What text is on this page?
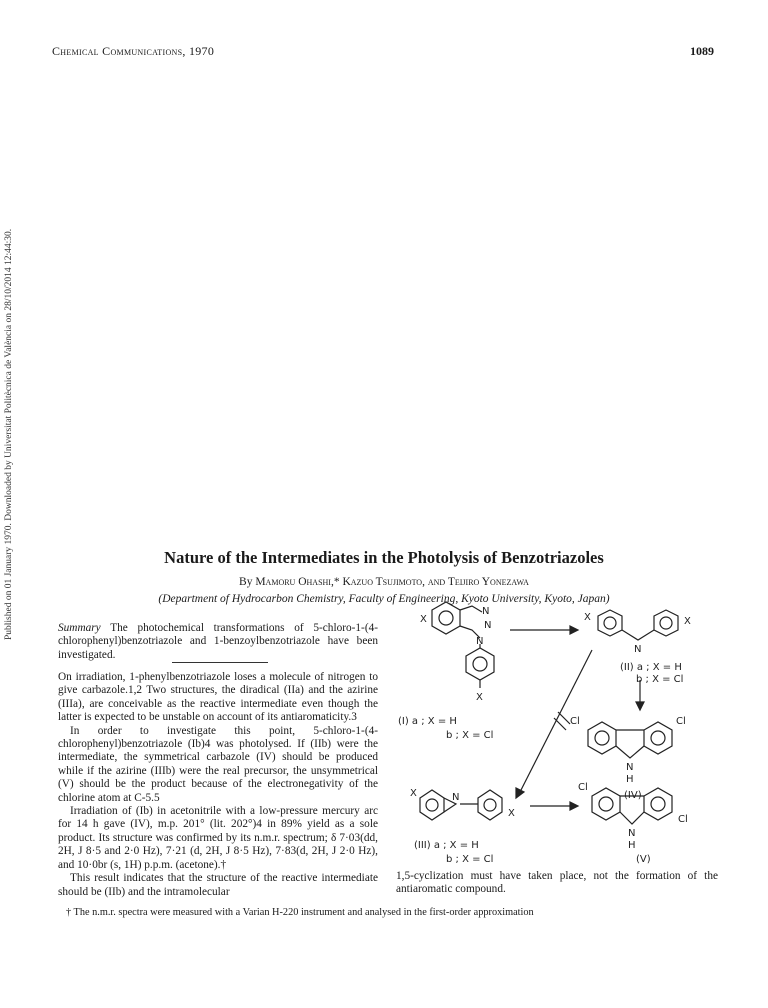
Chemical Communications, 1970	1089
Published on 01 January 1970. Downloaded by Universitat Politècnica de València on 28/10/2014 12:44:30.	Nature of the Intermediates in the Photolysis of Benzotriazoles
By Mamoru Ohashi,* Kazuo Tsujimoto, and Teijiro Yonezawa
(Department of Hydrocarbon Chemistry, Faculty of Engineering, Kyoto University, Kyoto, Japan)
Summary The photochemical transformations of 5-chloro-1-(4-chlorophenyl)benzotriazole and 1-benzoylbenzotriazole have been investigated.

On irradiation, 1-phenylbenzotriazole loses a molecule of nitrogen to give carbazole.1,2 Two structures, the diradical (IIa) and the azirine (IIIa), are conceivable as the reactive intermediate even though the latter is expected to be unstable on account of its antiaromaticity.3

In order to investigate this point, 5-chloro-1-(4-chlorophenyl)benzotriazole (Ib)4 was photolysed. If (IIb) were the intermediate, the symmetrical carbazole (IV) should be produced while if the azirine (IIIb) were the real precursor, the unsymmetrical (V) should be the product because of the electronegativity of the chlorine atom at C-5.5

Irradiation of (Ib) in acetonitrile with a low-pressure mercury arc for 14 h gave (IV), m.p. 201° (lit. 202°)4 in 89% yield as a sole product. Its structure was confirmed by its n.m.r. spectrum; δ 7·03(dd, 2H, J 8·5 and 2·0 Hz), 7·21 (d, 2H, J 8·5 Hz), 7·83(d, 2H, J 2·0 Hz), and 10·0br (s, 1H) p.p.m. (acetone).†

This result indicates that the structure of the reactive intermediate should be (IIb) and the intramolecular

1,5-cyclization must have taken place, not the formation of the antiaromatic compound.
† The n.m.r. spectra were measured with a Varian H-220 instrument and analysed in the first-order approximation
X
N
N
N
X
(I) a ; X = H
b ; X = Cl
X	X
N
(II) a ; X = H
b ; X = Cl
Cl	Cl
N
H
(IV)
X	N
X
(III) a ; X = H
b ; X = Cl
Cl
Cl
N
H
(V)
